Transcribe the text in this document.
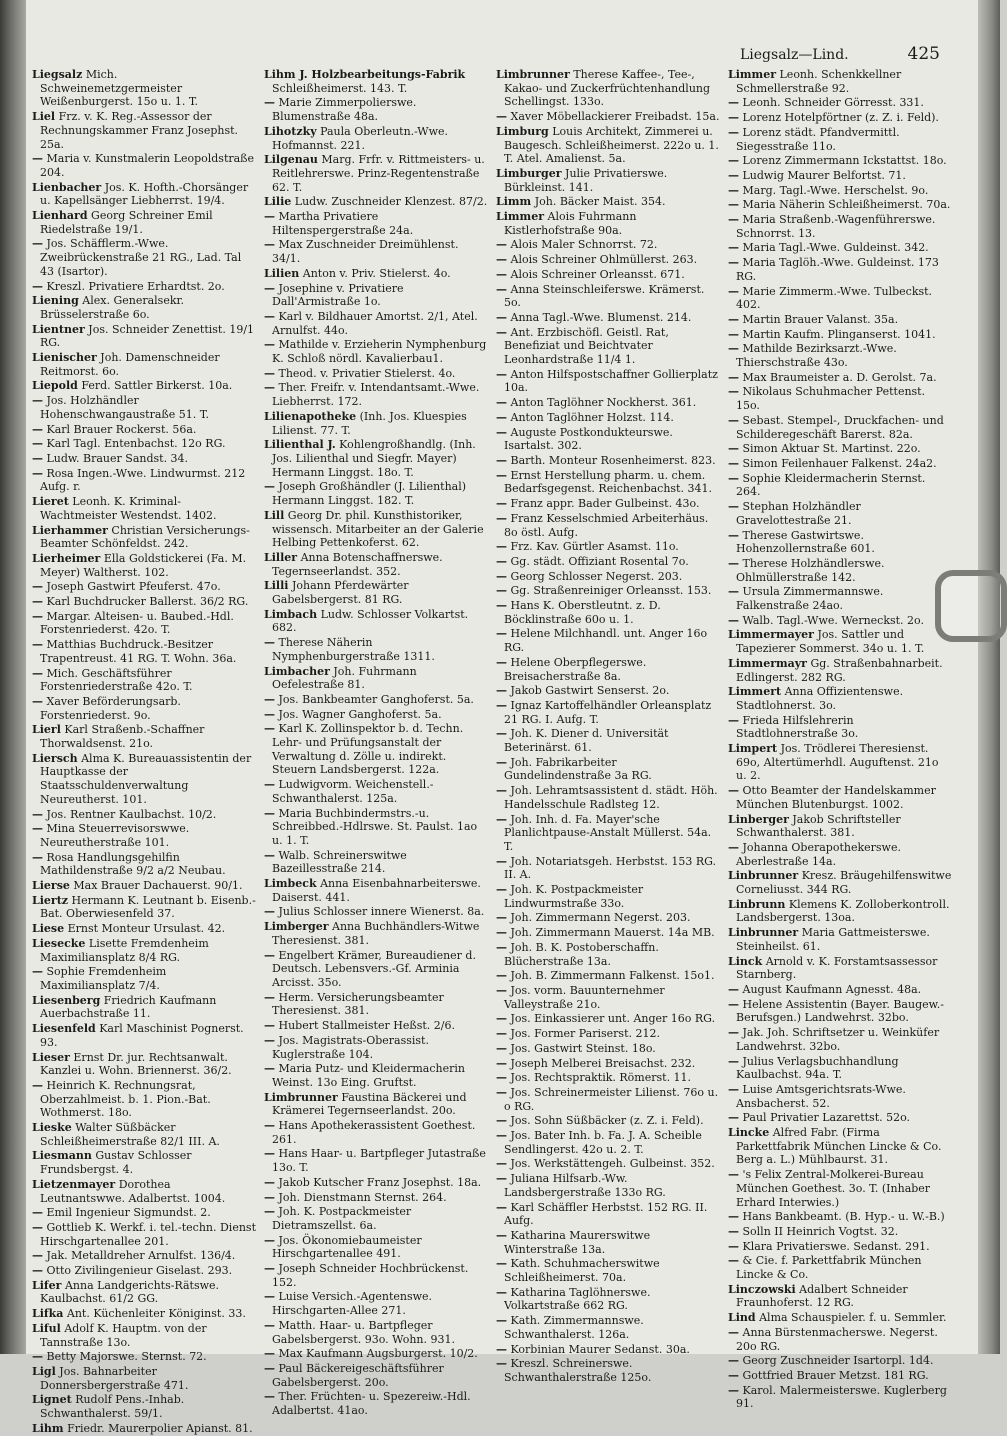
Liegsalz—Lind.	425
Liegsalz Mich. Schweinemetzgermeister Weißenburgerst. 15o u. 1. T.
Liel Frz. v. K. Reg.-Assessor der Rechnungskammer Franz Josephst. 25a.
— Maria v. Kunstmalerin Leopoldstraße 204.
Lienbacher Jos. K. Hofth.-Chorsänger u. Kapellsänger Liebherrst. 19/4.
Lienhard Georg Schreiner Emil Riedelstraße 19/1.
— Jos. Schäfflerm.-Wwe. Zweibrückenstraße 21 RG., Lad. Tal 43 (Isartor).
— Kreszl. Privatiere Erhardtst. 2o.
Liening Alex. Generalsekr. Brüsselerstraße 6o.
Lientner Jos. Schneider Zenettist. 19/1 RG.
Lienischer Joh. Damenschneider Reitmorst. 6o.
Liepold Ferd. Sattler Birkerst. 10a.
— Jos. Holzhändler Hohenschwangaustraße 51. T.
— Karl Brauer Rockerst. 56a.
— Karl Tagl. Entenbachst. 12o RG.
— Ludw. Brauer Sandst. 34.
— Rosa Ingen.-Wwe. Lindwurmst. 212 Aufg. r.
Lieret Leonh. K. Kriminal-Wachtmeister Westendst. 1402.
Lierhammer Christian Versicherungs-Beamter Schönfeldst. 242.
Lierheimer Ella Goldstickerei (Fa. M. Meyer) Waltherst. 102.
— Joseph Gastwirt Pfeuferst. 47o.
— Karl Buchdrucker Ballerst. 36/2 RG.
— Margar. Alteisen- u. Baubed.-Hdl. Forstenriederst. 42o. T.
— Matthias Buchdruck.-Besitzer Trapentreust. 41 RG. T. Wohn. 36a.
— Mich. Geschäftsführer Forstenriederstraße 42o. T.
— Xaver Beförderungsarb. Forstenriederst. 9o.
Lierl Karl Straßenb.-Schaffner Thorwaldsenst. 21o.
Liersch Alma K. Bureauassistentin der Hauptkasse der Staatsschuldenverwaltung Neureutherst. 101.
— Jos. Rentner Kaulbachst. 10/2.
— Mina Steuerrevisorswwe. Neureutherstraße 101.
— Rosa Handlungsgehilfin Mathildenstraße 9/2 a/2 Neubau.
Lierse Max Brauer Dachauerst. 90/1.
Liertz Hermann K. Leutnant b. Eisenb.-Bat. Oberwiesenfeld 37.
Liese Ernst Monteur Ursulast. 42.
Liesecke Lisette Fremdenheim Maximiliansplatz 8/4 RG.
— Sophie Fremdenheim Maximiliansplatz 7/4.
Liesenberg Friedrich Kaufmann Auerbachstraße 11.
Liesenfeld Karl Maschinist Pognerst. 93.
Lieser Ernst Dr. jur. Rechtsanwalt. Kanzlei u. Wohn. Briennerst. 36/2.
— Heinrich K. Rechnungsrat, Oberzahlmeist. b. 1. Pion.-Bat. Wothmerst. 18o.
Lieske Walter Süßbäcker Schleißheimerstraße 82/1 III. A.
Liesmann Gustav Schlosser Frundsbergst. 4.
Lietzenmayer Dorothea Leutnantswwe. Adalbertst. 1004.
— Emil Ingenieur Sigmundst. 2.
— Gottlieb K. Werkf. i. tel.-techn. Dienst Hirschgartenallee 201.
— Jak. Metalldreher Arnulfst. 136/4.
— Otto Zivilingenieur Giselast. 293.
Lifer Anna Landgerichts-Rätswe. Kaulbachst. 61/2 GG.
Lifka Ant. Küchenleiter Königinst. 33.
Liful Adolf K. Hauptm. von der Tannstraße 13o.
— Betty Majorswe. Sternst. 72.
Ligl Jos. Bahnarbeiter Donnersbergerstraße 471.
Lignet Rudolf Pens.-Inhab. Schwanthalerst. 59/1.
Lihm Friedr. Maurerpolier Apianst. 81.
Lihm J. Holzbearbeitungs-Fabrik Schleißheimerst. 143. T.
— Marie Zimmerpolierswe. Blumenstraße 48a.
Lihotzky Paula Oberleutn.-Wwe. Hofmannst. 221.
Lilgenau Marg. Frfr. v. Rittmeisters- u. Reitlehrerswe. Prinz-Regentenstraße 62. T.
Lilie Ludw. Zuschneider Klenzest. 87/2.
— Martha Privatiere Hiltenspergerstraße 24a.
— Max Zuschneider Dreimühlenst. 34/1.
Lilien Anton v. Priv. Stielerst. 4o.
— Josephine v. Privatiere Dall'Armistraße 1o.
— Karl v. Bildhauer Amortst. 2/1, Atel. Arnulfst. 44o.
— Mathilde v. Erzieherin Nymphenburg K. Schloß nördl. Kavalierbau1.
— Theod. v. Privatier Stielerst. 4o.
— Ther. Freifr. v. Intendantsamt.-Wwe. Liebherrst. 172.
Lilienapotheke (Inh. Jos. Kluespies Lilienst. 77. T.
Lilienthal J. Kohlengroßhandlg. (Inh. Jos. Lilienthal und Siegfr. Mayer) Hermann Linggst. 18o. T.
— Joseph Großhändler (J. Lilienthal) Hermann Linggst. 182. T.
Lill Georg Dr. phil. Kunsthistoriker, wissensch. Mitarbeiter an der Galerie Helbing Pettenkoferst. 62.
Liller Anna Botenschaffnerswe. Tegernseerlandst. 352.
Lilli Johann Pferdewärter Gabelsbergerst. 81 RG.
Limbach Ludw. Schlosser Volkartst. 682.
— Therese Näherin Nymphenburgerstraße 1311.
Limbacher Joh. Fuhrmann Oefelestraße 81.
— Jos. Bankbeamter Ganghoferst. 5a.
— Jos. Wagner Ganghoferst. 5a.
— Karl K. Zollinspektor b. d. Techn. Lehr- und Prüfungsanstalt der Verwaltung d. Zölle u. indirekt. Steuern Landsbergerst. 122a.
— Ludwigvorm. Weichenstell.-Schwanthalerst. 125a.
— Maria Buchbindermstrs.-u. Schreibbed.-Hdlrswe. St. Paulst. 1ao u. 1. T.
— Walb. Schreinerswitwe Bazeillesstraße 214.
Limbeck Anna Eisenbahnarbeiterswe. Daiserst. 441.
— Julius Schlosser innere Wienerst. 8a.
Limberger Anna Buchhändlers-Witwe Theresienst. 381.
— Engelbert Krämer, Bureaudiener d. Deutsch. Lebensvers.-Gf. Arminia Arcisst. 35o.
— Herm. Versicherungsbeamter Theresienst. 381.
— Hubert Stallmeister Heßst. 2/6.
— Jos. Magistrats-Oberassist. Kuglerstraße 104.
— Maria Putz- und Kleidermacherin Weinst. 13o Eing. Gruftst.
Limbrunner Faustina Bäckerei und Krämerei Tegernseerlandst. 20o.
— Hans Apothekerassistent Goethest. 261.
— Hans Haar- u. Bartpfleger Jutastraße 13o. T.
— Jakob Kutscher Franz Josephst. 18a.
— Joh. Dienstmann Sternst. 264.
— Joh. K. Postpackmeister Dietramszellst. 6a.
— Jos. Ökonomiebaumeister Hirschgartenallee 491.
— Joseph Schneider Hochbrückenst. 152.
— Luise Versich.-Agentenswe. Hirschgarten-Allee 271.
— Matth. Haar- u. Bartpfleger Gabelsbergerst. 93o. Wohn. 931.
— Max Kaufmann Augsburgerst. 10/2.
— Paul Bäckereigeschäftsführer Gabelsbergerst. 20o.
— Ther. Früchten- u. Spezereiw.-Hdl. Adalbertst. 41ao.
Limbrunner Therese Kaffee-, Tee-, Kakao- und Zuckerfrüchtenhandlung Schellingst. 133o.
— Xaver Möbellackierer Freibadst. 15a.
Limburg Louis Architekt, Zimmerei u. Baugesch. Schleißheimerst. 222o u. 1. T. Atel. Amalienst. 5a.
Limburger Julie Privatierswe. Bürkleinst. 141.
Limm Joh. Bäcker Maist. 354.
Limmer Alois Fuhrmann Kistlerhofstraße 90a.
— Alois Maler Schnorrst. 72.
— Alois Schreiner Ohlmüllerst. 263.
— Alois Schreiner Orleansst. 671.
— Anna Steinschleiferswe. Krämerst. 5o.
— Anna Tagl.-Wwe. Blumenst. 214.
— Ant. Erzbischöfl. Geistl. Rat, Benefiziat und Beichtvater Leonhardstraße 11/4 1.
— Anton Hilfspostschaffner Gollierplatz 10a.
— Anton Taglöhner Nockherst. 361.
— Anton Taglöhner Holzst. 114.
— Auguste Postkondukteurswe. Isartalst. 302.
— Barth. Monteur Rosenheimerst. 823.
— Ernst Herstellung pharm. u. chem. Bedarfsgegenst. Reichenbachst. 341.
— Franz appr. Bader Gulbeinst. 43o.
— Franz Kesselschmied Arbeiterhäus. 8o östl. Aufg.
— Frz. Kav. Gürtler Asamst. 11o.
— Gg. städt. Offiziant Rosental 7o.
— Georg Schlosser Negerst. 203.
— Gg. Straßenreiniger Orleansst. 153.
— Hans K. Oberstleutnt. z. D. Böcklinstraße 60o u. 1.
— Helene Milchhandl. unt. Anger 16o RG.
— Helene Oberpflegerswe. Breisacherstraße 8a.
— Jakob Gastwirt Senserst. 2o.
— Ignaz Kartoffelhändler Orleansplatz 21 RG. I. Aufg. T.
— Joh. K. Diener d. Universität Beterinärst. 61.
— Joh. Fabrikarbeiter Gundelindenstraße 3a RG.
— Joh. Lehramtsassistent d. städt. Höh. Handelsschule Radlsteg 12.
— Joh. Inh. d. Fa. Mayer'sche Planlichtpause-Anstalt Müllerst. 54a. T.
— Joh. Notariatsgeh. Herbstst. 153 RG. II. A.
— Joh. K. Postpackmeister Lindwurmstraße 33o.
— Joh. Zimmermann Negerst. 203.
— Joh. Zimmermann Mauerst. 14a MB.
— Joh. B. K. Postoberschaffn. Blücherstraße 13a.
— Joh. B. Zimmermann Falkenst. 15o1.
— Jos. vorm. Bauunternehmer Valleystraße 21o.
— Jos. Einkassierer unt. Anger 16o RG.
— Jos. Former Pariserst. 212.
— Jos. Gastwirt Steinst. 18o.
— Joseph Melberei Breisachst. 232.
— Jos. Rechtspraktik. Römerst. 11.
— Jos. Schreinermeister Lilienst. 76o u. o RG.
— Jos. Sohn Süßbäcker (z. Z. i. Feld).
— Jos. Bater Inh. b. Fa. J. A. Scheible Sendlingerst. 42o u. 2. T.
— Jos. Werkstättengeh. Gulbeinst. 352.
— Juliana Hilfsarb.-Ww. Landsbergerstraße 133o RG.
— Karl Schäffler Herbstst. 152 RG. II. Aufg.
— Katharina Maurerswitwe Winterstraße 13a.
— Kath. Schuhmacherswitwe Schleißheimerst. 70a.
— Katharina Taglöhnerswe. Volkartstraße 662 RG.
— Kath. Zimmermannswe. Schwanthalerst. 126a.
— Korbinian Maurer Sedanst. 30a.
— Kreszl. Schreinerswe. Schwanthalerstraße 125o.
Limmer Leonh. Schenkkellner Schmellerstraße 92.
— Leonh. Schneider Görresst. 331.
— Lorenz Hotelpförtner (z. Z. i. Feld).
— Lorenz städt. Pfandvermittl. Siegesstraße 11o.
— Lorenz Zimmermann Ickstattst. 18o.
— Ludwig Maurer Belfortst. 71.
— Marg. Tagl.-Wwe. Herschelst. 9o.
— Maria Näherin Schleißheimerst. 70a.
— Maria Straßenb.-Wagenführerswe. Schnorrst. 13.
— Maria Tagl.-Wwe. Guldeinst. 342.
— Maria Taglöh.-Wwe. Guldeinst. 173 RG.
— Marie Zimmerm.-Wwe. Tulbeckst. 402.
— Martin Brauer Valanst. 35a.
— Martin Kaufm. Plinganserst. 1041.
— Mathilde Bezirksarzt.-Wwe. Thierschstraße 43o.
— Max Braumeister a. D. Gerolst. 7a.
— Nikolaus Schuhmacher Pettenst. 15o.
— Sebast. Stempel-, Druckfachen- und Schilderegeschäft Barerst. 82a.
— Simon Aktuar St. Martinst. 22o.
— Simon Feilenhauer Falkenst. 24a2.
— Sophie Kleidermacherin Sternst. 264.
— Stephan Holzhändler Gravelottestraße 21.
— Therese Gastwirtswe. Hohenzollernstraße 601.
— Therese Holzhändlerswe. Ohlmüllerstraße 142.
— Ursula Zimmermannswe. Falkenstraße 24ao.
— Walb. Tagl.-Wwe. Werneckst. 2o.
Limmermayer Jos. Sattler und Tapezierer Sommerst. 34o u. 1. T.
Limmermayr Gg. Straßenbahnarbeit. Edlingerst. 282 RG.
Limmert Anna Offizientenswe. Stadtlohnerst. 3o.
— Frieda Hilfslehrerin Stadtlohnerstraße 3o.
Limpert Jos. Trödlerei Theresienst. 69o, Altertümerhdl. Auguftenst. 21o u. 2.
— Otto Beamter der Handelskammer München Blutenburgst. 1002.
Linberger Jakob Schriftsteller Schwanthalerst. 381.
— Johanna Oberapothekerswe. Aberlestraße 14a.
Linbrunner Kresz. Bräugehilfenswitwe Corneliusst. 344 RG.
Linbrunn Klemens K. Zolloberkontroll. Landsbergerst. 13oa.
Linbrunner Maria Gattmeisterswe. Steinheilst. 61.
Linck Arnold v. K. Forstamtsassessor Starnberg.
— August Kaufmann Agnesst. 48a.
— Helene Assistentin (Bayer. Baugew.-Berufsgen.) Landwehrst. 32bo.
— Jak. Joh. Schriftsetzer u. Weinküfer Landwehrst. 32bo.
— Julius Verlagsbuchhandlung Kaulbachst. 94a. T.
— Luise Amtsgerichtsrats-Wwe. Ansbacherst. 52.
— Paul Privatier Lazarettst. 52o.
Lincke Alfred Fabr. (Firma Parkettfabrik München Lincke & Co. Berg a. L.) Mühlbaurst. 31.
— 's Felix Zentral-Molkerei-Bureau München Goethest. 3o. T. (Inhaber Erhard Interwies.)
— Hans Bankbeamt. (B. Hyp.- u. W.-B.)
— Solln II Heinrich Vogtst. 32.
— Klara Privatierswe. Sedanst. 291.
— & Cie. f. Parkettfabrik München Lincke & Co.
Linczowski Adalbert Schneider Fraunhoferst. 12 RG.
Lind Alma Schauspieler. f. u. Semmler.
— Anna Bürstenmacherswe. Negerst. 20o RG.
— Georg Zuschneider Isartorpl. 1d4.
— Gottfried Brauer Metzst. 181 RG.
— Karol. Malermeisterswe. Kuglerberg 91.
